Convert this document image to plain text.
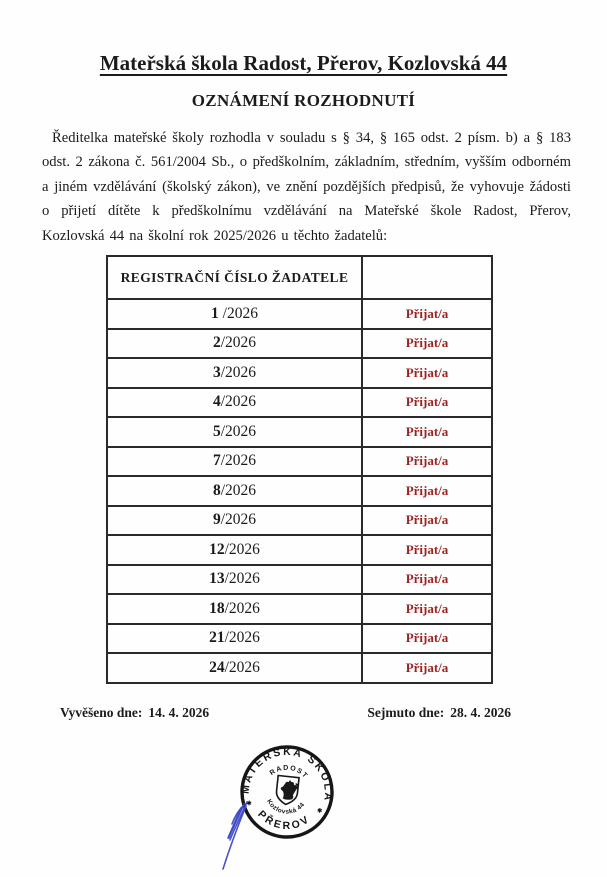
Mateřská škola Radost, Přerov, Kozlovská 44
OZNÁMENÍ ROZHODNUTÍ

Ředitelka mateřské školy rozhodla v souladu s § 34, § 165 odst. 2 písm. b) a § 183 odst. 2 zákona č. 561/2004 Sb., o předškolním, základním, středním, vyšším odborném a jiném vzdělávání (školský zákon), ve znění pozdějších předpisů, že vyhovuje žádosti o přijetí dítěte k předškolnímu vzdělávání na Mateřské škole Radost, Přerov, Kozlovská 44 na školní rok 2025/2026 u těchto žadatelů:

REGISTRAČNÍ ČÍSLO ŽADATELE	
1 /2026	Přijat/a
2/2026	Přijat/a
3/2026	Přijat/a
4/2026	Přijat/a
5/2026	Přijat/a
7/2026	Přijat/a
8/2026	Přijat/a
9/2026	Přijat/a
12/2026	Přijat/a
13/2026	Přijat/a
18/2026	Přijat/a
21/2026	Přijat/a
24/2026	Přijat/a
Vyvěšeno dne: 14. 4. 2026	Sejmuto dne: 28. 4. 2026
MATEŘSKÁ ŠKOLA
PŘEROV
RADOST
Kozlovská 44
✱
✱
